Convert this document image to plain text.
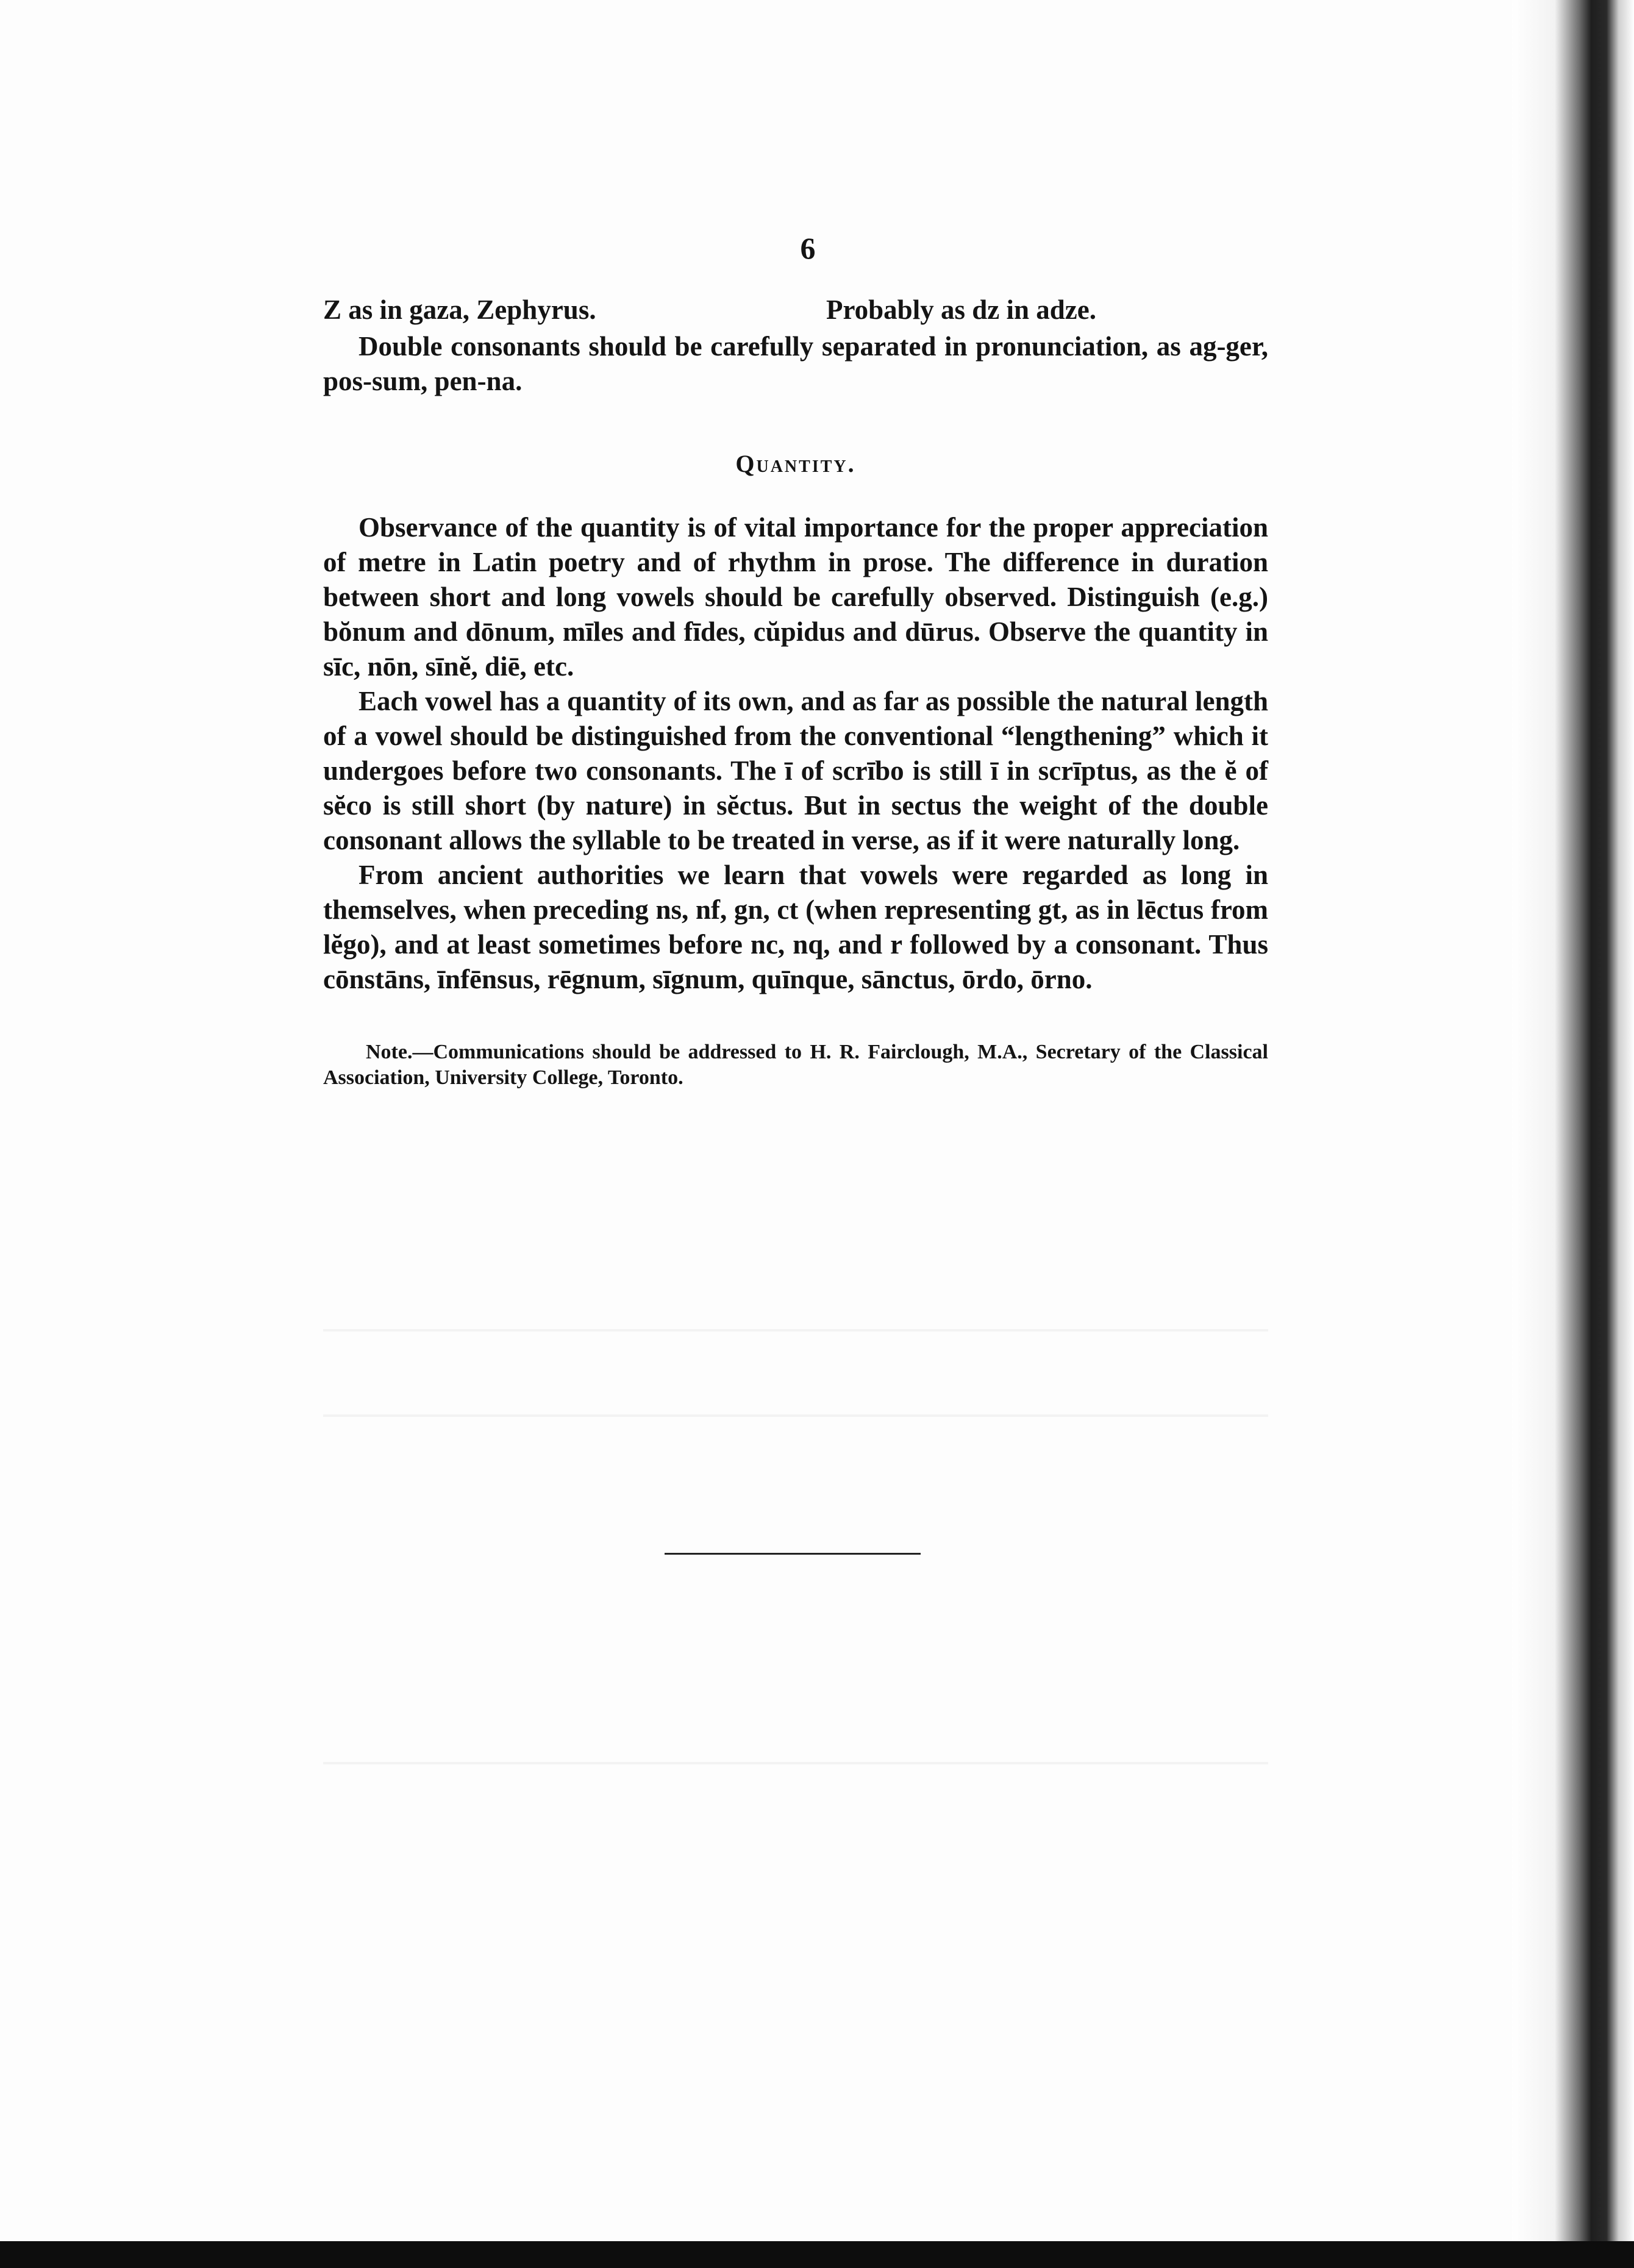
6
Z as in gaza, Zephyrus.	Probably as dz in adze.

Double consonants should be carefully separated in pronunciation, as ag-ger, pos-sum, pen-na.

Quantity.

Observance of the quantity is of vital importance for the proper appreciation of metre in Latin poetry and of rhythm in prose. The difference in duration between short and long vowels should be carefully observed. Distinguish (e.g.) bŏnum and dōnum, mīles and fīdes, cŭpidus and dūrus. Observe the quantity in sīc, nōn, sīnĕ, diē, etc.

Each vowel has a quantity of its own, and as far as possible the natural length of a vowel should be distinguished from the conventional “lengthening” which it undergoes before two consonants. The ī of scrībo is still ī in scrīptus, as the ĕ of sĕco is still short (by nature) in sĕctus. But in sectus the weight of the double consonant allows the syllable to be treated in verse, as if it were naturally long.

From ancient authorities we learn that vowels were regarded as long in themselves, when preceding ns, nf, gn, ct (when representing gt, as in lēctus from lĕgo), and at least sometimes before nc, nq, and r followed by a consonant. Thus cōnstāns, īnfēnsus, rēgnum, sīgnum, quīnque, sānctus, ōrdo, ōrno.

Note.—Communications should be addressed to H. R. Fairclough, M.A., Secretary of the Classical Association, University College, Toronto.
